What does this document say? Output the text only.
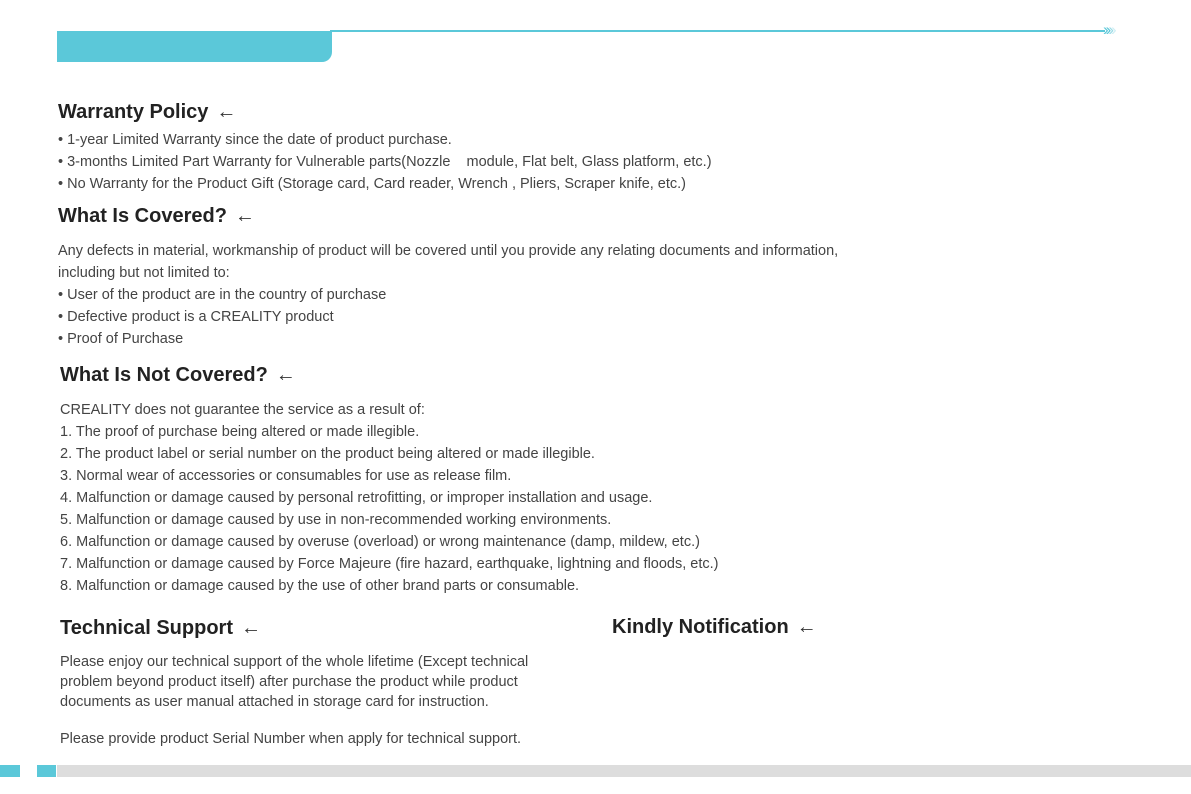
››››
Warranty Policy ←
• 1-year Limited Warranty since the date of product purchase.
• 3-months Limited Part Warranty for Vulnerable parts(Nozzle    module, Flat belt, Glass platform, etc.)
• No Warranty for the Product Gift (Storage card, Card reader, Wrench , Pliers, Scraper knife, etc.)
What Is Covered? ←
Any defects in material, workmanship of product will be covered until you provide any relating documents and information,
including but not limited to:
• User of the product are in the country of purchase
• Defective product is a CREALITY product
• Proof of Purchase
What Is Not Covered? ←
CREALITY does not guarantee the service as a result of:
1. The proof of purchase being altered or made illegible.
2. The product label or serial number on the product being altered or made illegible.
3. Normal wear of accessories or consumables for use as release film.
4. Malfunction or damage caused by personal retrofitting, or improper installation and usage.
5. Malfunction or damage caused by use in non-recommended working environments.
6. Malfunction or damage caused by overuse (overload) or wrong maintenance (damp, mildew, etc.)
7. Malfunction or damage caused by Force Majeure (fire hazard, earthquake, lightning and floods, etc.)
8. Malfunction or damage caused by the use of other brand parts or consumable.
Technical Support ←
Please enjoy our technical support of the whole lifetime (Except technical
problem beyond product itself) after purchase the product while product
documents as user manual attached in storage card for instruction.
Please provide product Serial Number when apply for technical support.
Kindly Notification ←
